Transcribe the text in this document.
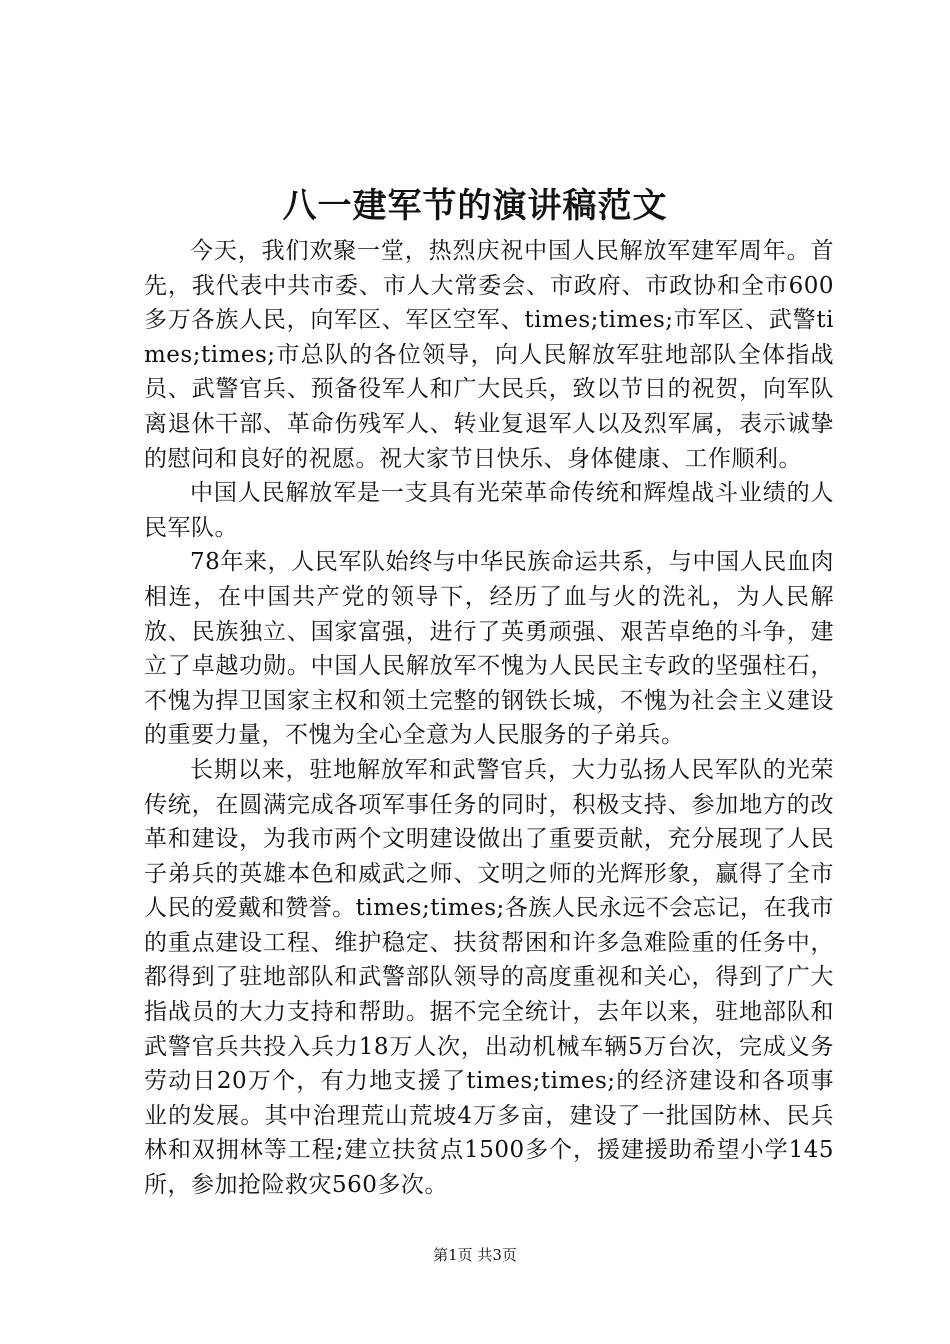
八一建军节的演讲稿范文

今天，我们欢聚一堂，热烈庆祝中国人民解放军建军周年。首先，我代表中共市委、市人大常委会、市政府、市政协和全市600多万各族人民，向军区、军区空军、times;times;市军区、武警times;times;市总队的各位领导，向人民解放军驻地部队全体指战员、武警官兵、预备役军人和广大民兵，致以节日的祝贺，向军队离退休干部、革命伤残军人、转业复退军人以及烈军属，表示诚挚的慰问和良好的祝愿。祝大家节日快乐、身体健康、工作顺利。

中国人民解放军是一支具有光荣革命传统和辉煌战斗业绩的人民军队。

78年来，人民军队始终与中华民族命运共系，与中国人民血肉相连，在中国共产党的领导下，经历了血与火的洗礼，为人民解放、民族独立、国家富强，进行了英勇顽强、艰苦卓绝的斗争，建立了卓越功勋。中国人民解放军不愧为人民民主专政的坚强柱石，不愧为捍卫国家主权和领土完整的钢铁长城，不愧为社会主义建设的重要力量，不愧为全心全意为人民服务的子弟兵。

长期以来，驻地解放军和武警官兵，大力弘扬人民军队的光荣传统，在圆满完成各项军事任务的同时，积极支持、参加地方的改革和建设，为我市两个文明建设做出了重要贡献，充分展现了人民子弟兵的英雄本色和威武之师、文明之师的光辉形象，赢得了全市人民的爱戴和赞誉。times;times;各族人民永远不会忘记，在我市的重点建设工程、维护稳定、扶贫帮困和许多急难险重的任务中，都得到了驻地部队和武警部队领导的高度重视和关心，得到了广大指战员的大力支持和帮助。据不完全统计，去年以来，驻地部队和武警官兵共投入兵力18万人次，出动机械车辆5万台次，完成义务劳动日20万个，有力地支援了times;times;的经济建设和各项事业的发展。其中治理荒山荒坡4万多亩，建设了一批国防林、民兵林和双拥林等工程;建立扶贫点1500多个，援建援助希望小学145所，参加抢险救灾560多次。

第1页 共3页
